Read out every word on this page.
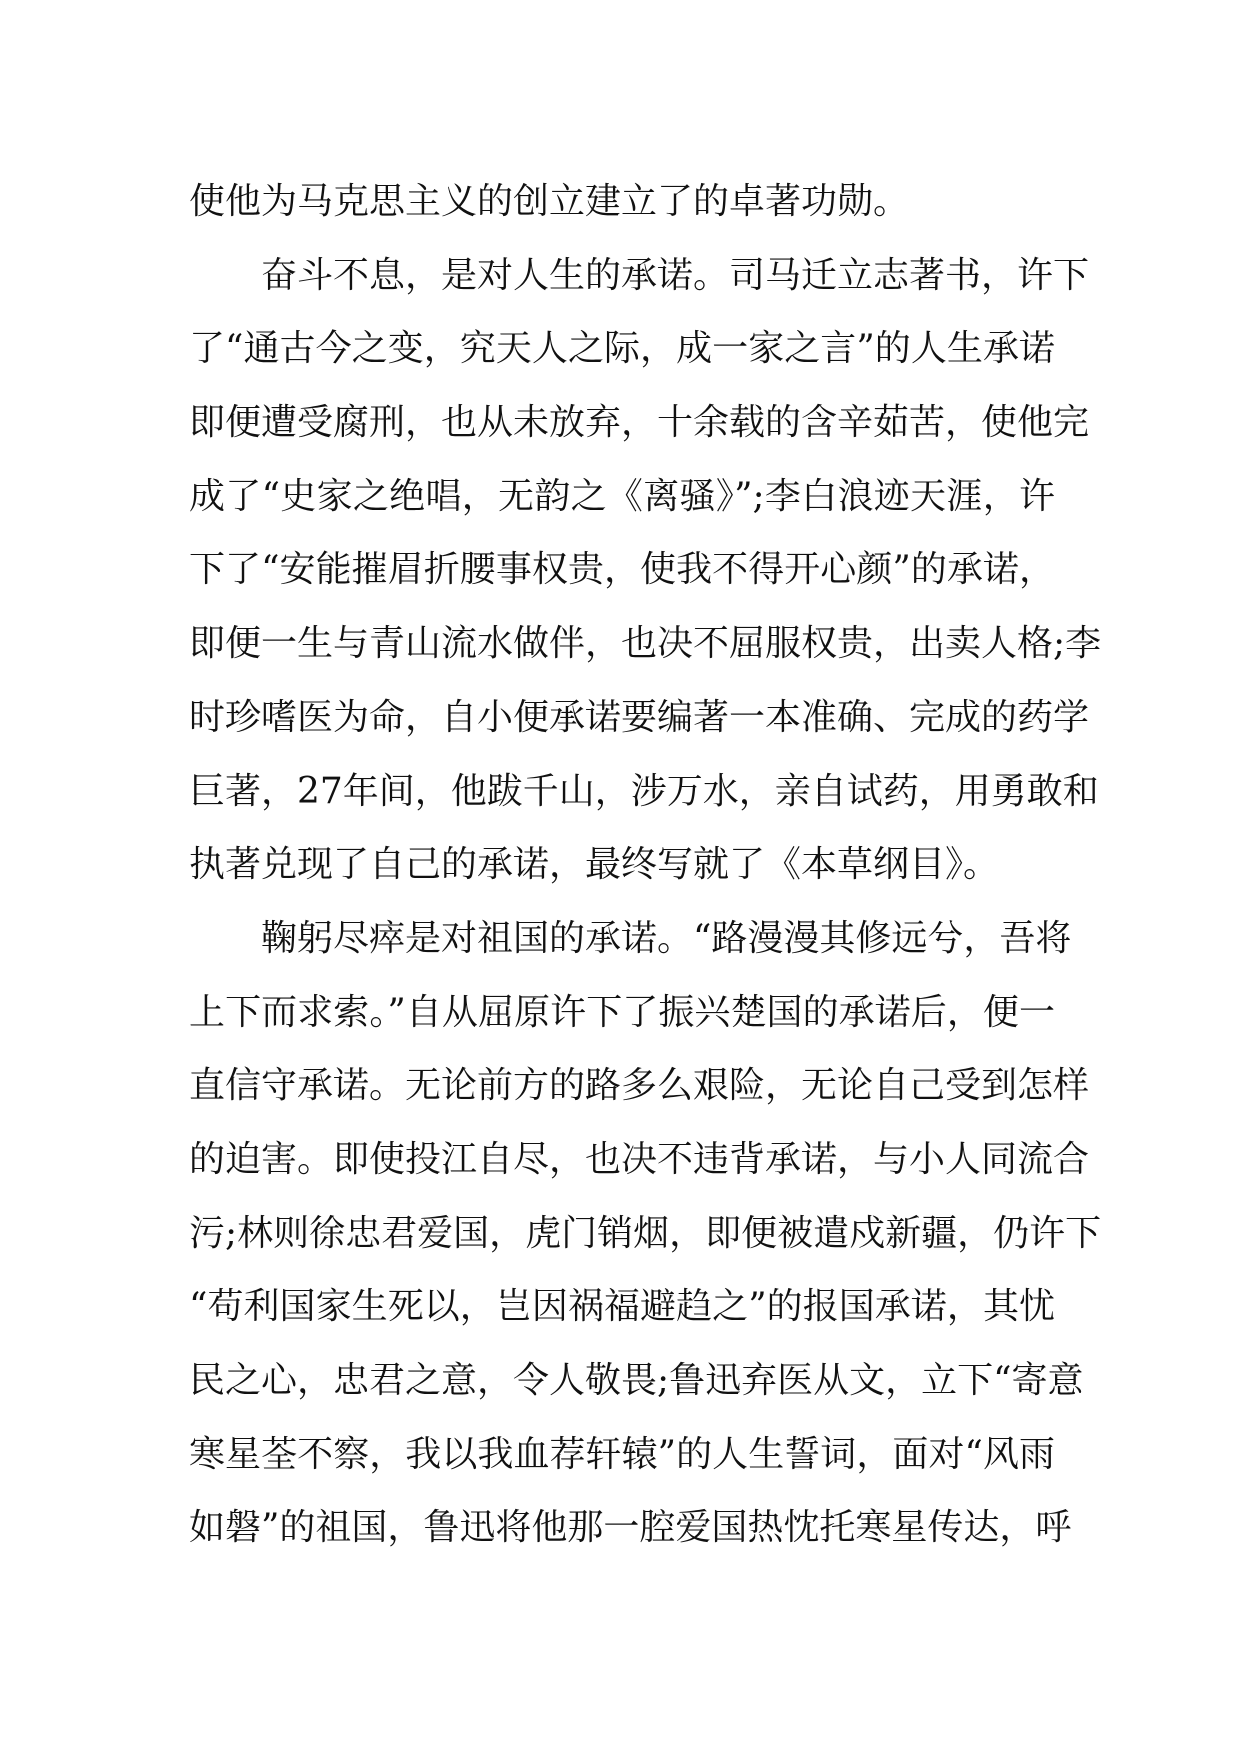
使他为马克思主义的创立建立了的卓著功勋。
奋斗不息，是对人生的承诺。司马迁立志著书，许下
了“通古今之变，究天人之际，成一家之言”的人生承诺
即便遭受腐刑，也从未放弃，十余载的含辛茹苦，使他完
成了“史家之绝唱，无韵之《离骚》”;李白浪迹天涯，许
下了“安能摧眉折腰事权贵，使我不得开心颜”的承诺，
即便一生与青山流水做伴，也决不屈服权贵，出卖人格;李
时珍嗜医为命，自小便承诺要编著一本准确、完成的药学
巨著，27年间，他跋千山，涉万水，亲自试药，用勇敢和
执著兑现了自己的承诺，最终写就了《本草纲目》。
鞠躬尽瘁是对祖国的承诺。“路漫漫其修远兮，吾将
上下而求索。”自从屈原许下了振兴楚国的承诺后，便一
直信守承诺。无论前方的路多么艰险，无论自己受到怎样
的迫害。即使投江自尽，也决不违背承诺，与小人同流合
污;林则徐忠君爱国，虎门销烟，即便被遣戍新疆，仍许下
“苟利国家生死以，岂因祸福避趋之”的报国承诺，其忧
民之心，忠君之意，令人敬畏;鲁迅弃医从文，立下“寄意
寒星荃不察，我以我血荐轩辕”的人生誓词，面对“风雨
如磐”的祖国，鲁迅将他那一腔爱国热忱托寒星传达，呼
